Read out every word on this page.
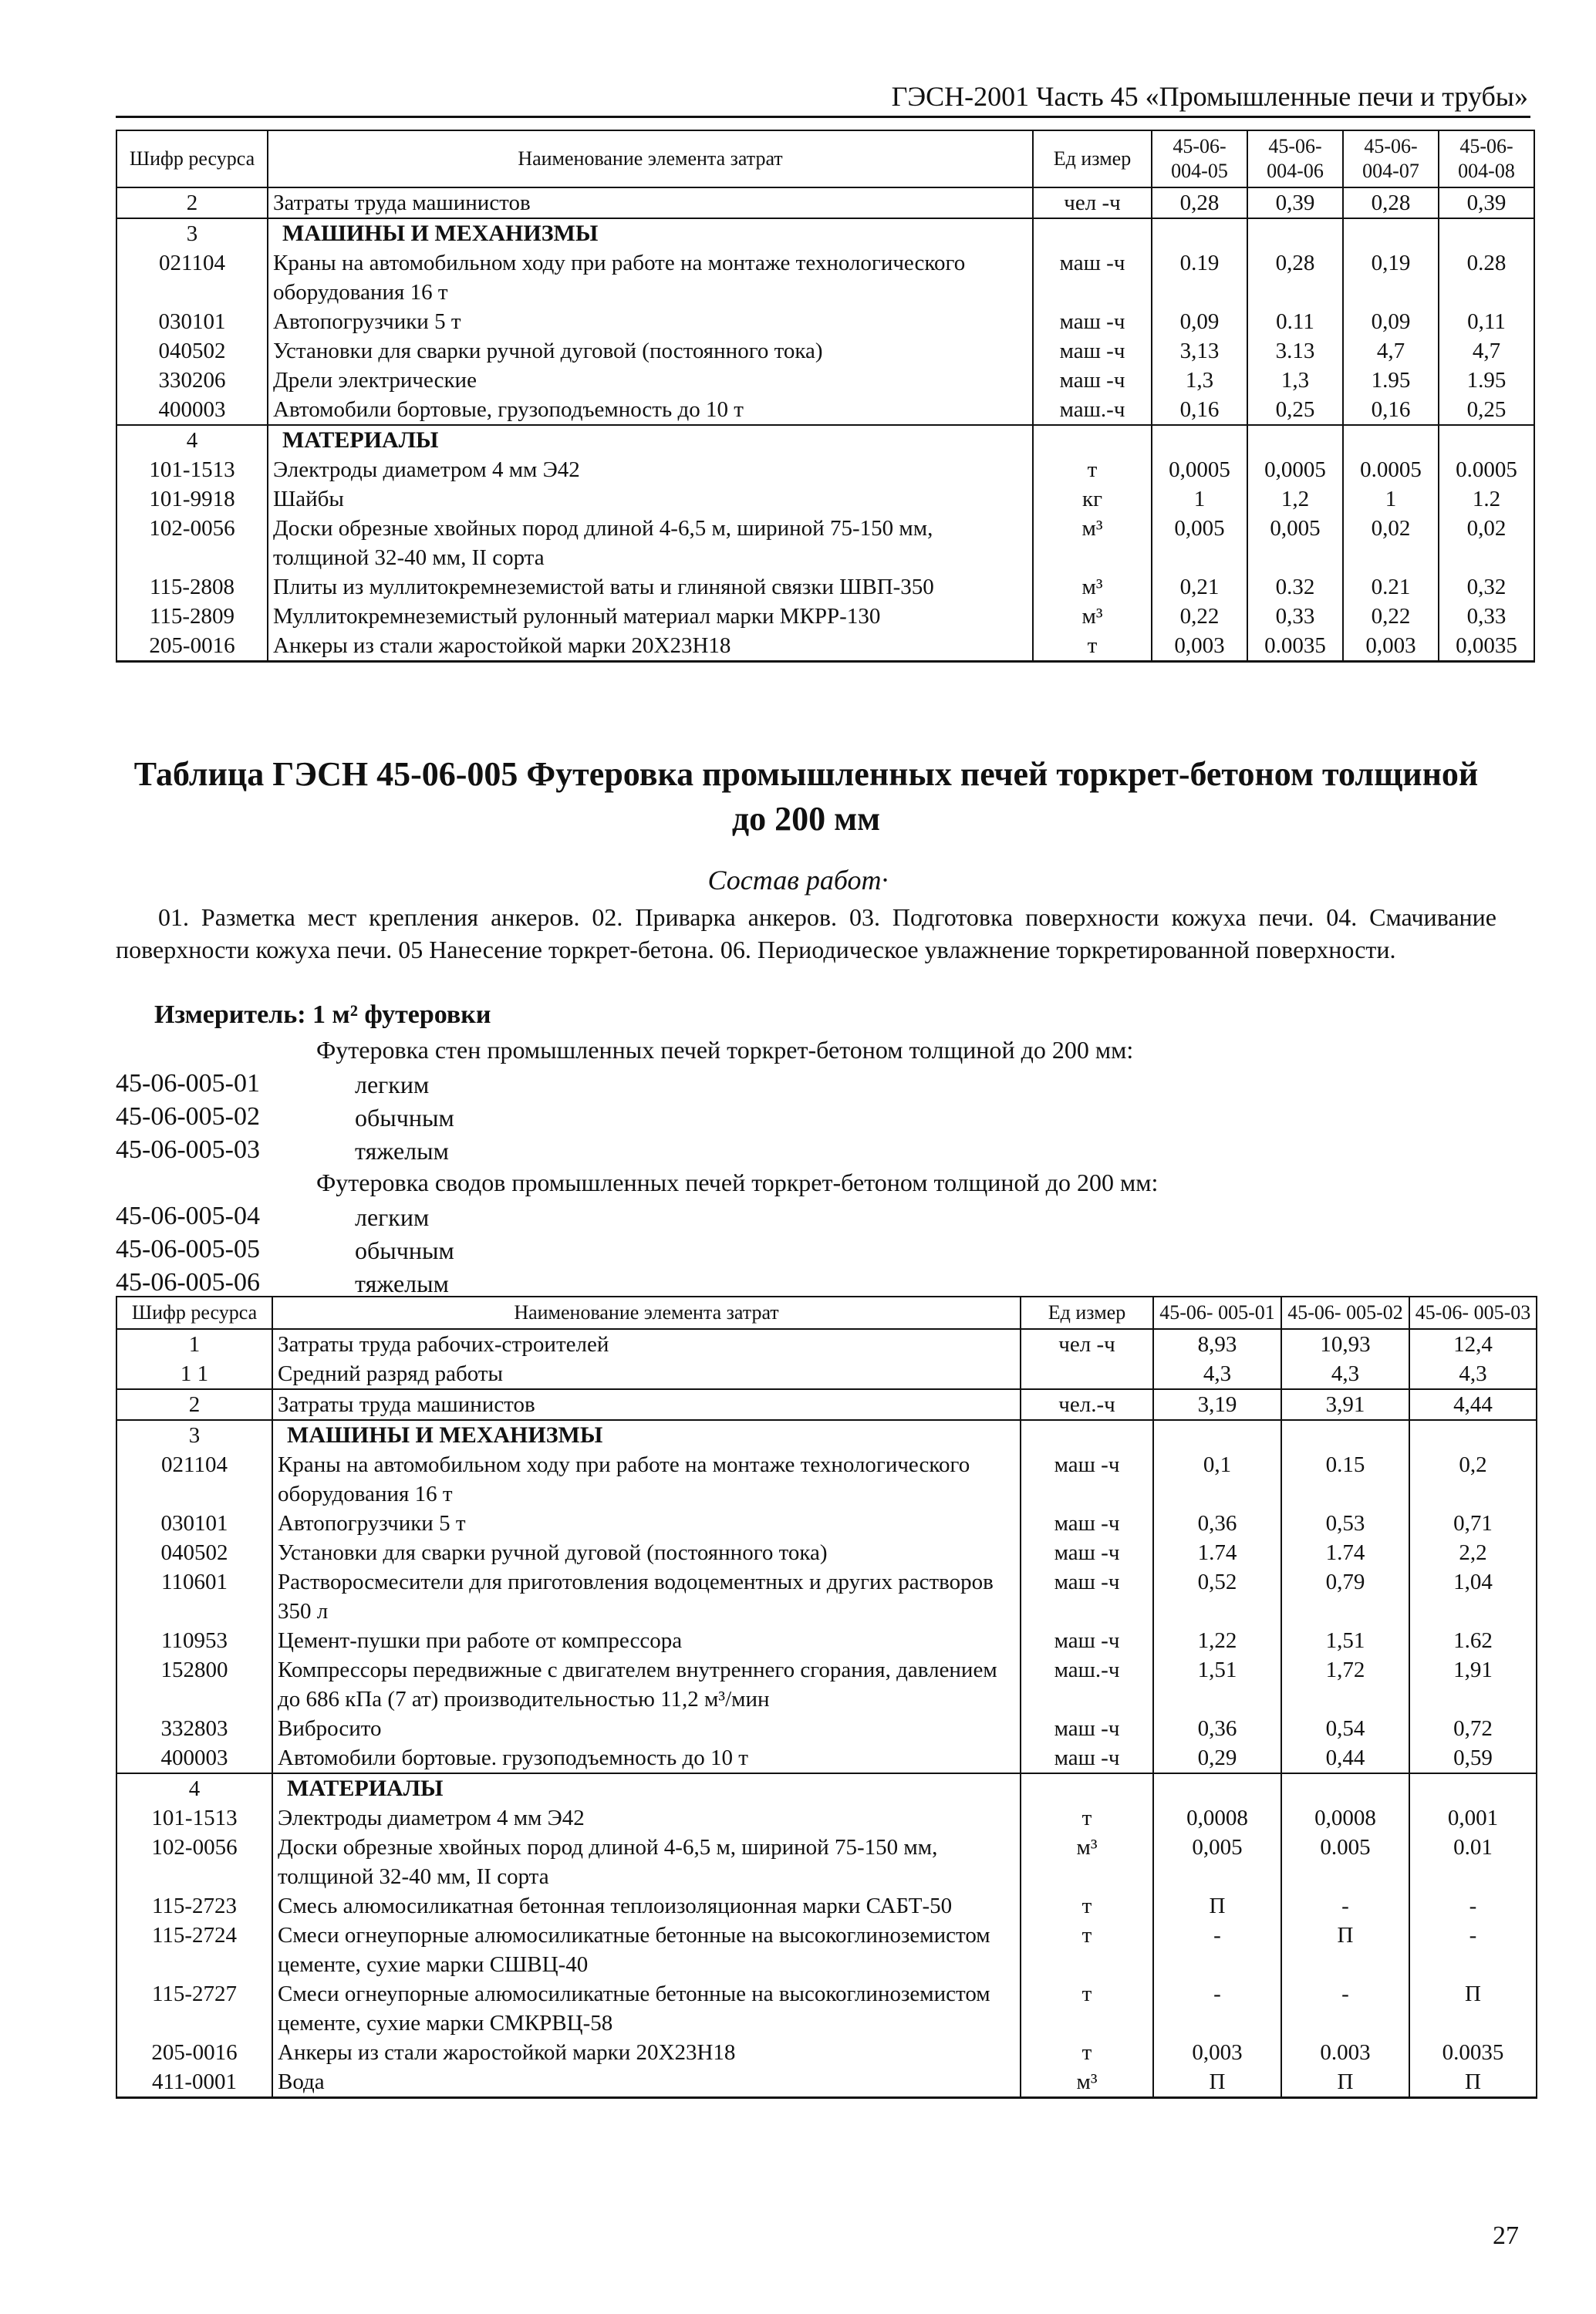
ГЭСН-2001 Часть 45 «Промышленные печи и трубы»
Шифр ресурса	Наименование элемента затрат	Ед измер	45-06- 004-05	45-06- 004-06	45-06- 004-07	45-06- 004-08
2	Затраты труда машинистов	чел -ч	0,28	0,39	0,28	0,39
3	МАШИНЫ И МЕХАНИЗМЫ					
021104	Краны на автомобильном ходу при работе на монтаже технологического оборудования 16 т	маш -ч	0.19	0,28	0,19	0.28
030101	Автопогрузчики 5 т	маш -ч	0,09	0.11	0,09	0,11
040502	Установки для сварки ручной дуговой (постоянного тока)	маш -ч	3,13	3.13	4,7	4,7
330206	Дрели электрические	маш -ч	1,3	1,3	1.95	1.95
400003	Автомобили бортовые, грузоподъемность до 10 т	маш.-ч	0,16	0,25	0,16	0,25
4	МАТЕРИАЛЫ					
101-1513	Электроды диаметром 4 мм Э42	т	0,0005	0,0005	0.0005	0.0005
101-9918	Шайбы	кг	1	1,2	1	1.2
102-0056	Доски обрезные хвойных пород длиной 4-6,5 м, шириной 75-150 мм, толщиной 32-40 мм, II сорта	м³	0,005	0,005	0,02	0,02
115-2808	Плиты из муллитокремнеземистой ваты и глиняной связки ШВП-350	м³	0,21	0.32	0.21	0,32
115-2809	Муллитокремнеземистый рулонный материал марки МКРР-130	м³	0,22	0,33	0,22	0,33
205-0016	Анкеры из стали жаростойкой марки 20Х23Н18	т	0,003	0.0035	0,003	0,0035
Таблица ГЭСН 45-06-005 Футеровка промышленных печей торкрет-бетоном толщиной до 200 мм
Состав работ·
01. Разметка мест крепления анкеров. 02. Приварка анкеров. 03. Подготовка поверхности кожуха печи. 04. Смачивание поверхности кожуха печи. 05 Нанесение торкрет-бетона. 06. Периодическое увлажнение торкретированной поверхности.
Измеритель: 1 м² футеровки
Футеровка стен промышленных печей торкрет-бетоном толщиной до 200 мм:
45-06-005-01	легким
45-06-005-02	обычным
45-06-005-03	тяжелым
Футеровка сводов промышленных печей торкрет-бетоном толщиной до 200 мм:
45-06-005-04	легким
45-06-005-05	обычным
45-06-005-06	тяжелым
Шифр ресурса	Наименование элемента затрат	Ед измер	45-06- 005-01	45-06- 005-02	45-06- 005-03
1	Затраты труда рабочих-строителей	чел -ч	8,93	10,93	12,4
1 1	Средний разряд работы		4,3	4,3	4,3
2	Затраты труда машинистов	чел.-ч	3,19	3,91	4,44
3	МАШИНЫ И МЕХАНИЗМЫ				
021104	Краны на автомобильном ходу при работе на монтаже технологического оборудования 16 т	маш -ч	0,1	0.15	0,2
030101	Автопогрузчики 5 т	маш -ч	0,36	0,53	0,71
040502	Установки для сварки ручной дуговой (постоянного тока)	маш -ч	1.74	1.74	2,2
110601	Растворосмесители для приготовления водоцементных и других растворов 350 л	маш -ч	0,52	0,79	1,04
110953	Цемент-пушки при работе от компрессора	маш -ч	1,22	1,51	1.62
152800	Компрессоры передвижные с двигателем внутреннего сгорания, давлением до 686 кПа (7 ат) производительностью 11,2 м³/мин	маш.-ч	1,51	1,72	1,91
332803	Вибросито	маш -ч	0,36	0,54	0,72
400003	Автомобили бортовые. грузоподъемность до 10 т	маш -ч	0,29	0,44	0,59
4	МАТЕРИАЛЫ				
101-1513	Электроды диаметром 4 мм Э42	т	0,0008	0,0008	0,001
102-0056	Доски обрезные хвойных пород длиной 4-6,5 м, шириной 75-150 мм, толщиной 32-40 мм, II сорта	м³	0,005	0.005	0.01
115-2723	Смесь алюмосиликатная бетонная теплоизоляционная марки САБТ-50	т	П	-	-
115-2724	Смеси огнеупорные алюмосиликатные бетонные на высокоглиноземистом цементе, сухие марки СШВЦ-40	т	-	П	-
115-2727	Смеси огнеупорные алюмосиликатные бетонные на высокоглиноземистом цементе, сухие марки СМКРВЦ-58	т	-	-	П
205-0016	Анкеры из стали жаростойкой марки 20Х23Н18	т	0,003	0.003	0.0035
411-0001	Вода	м³	П	П	П
27
